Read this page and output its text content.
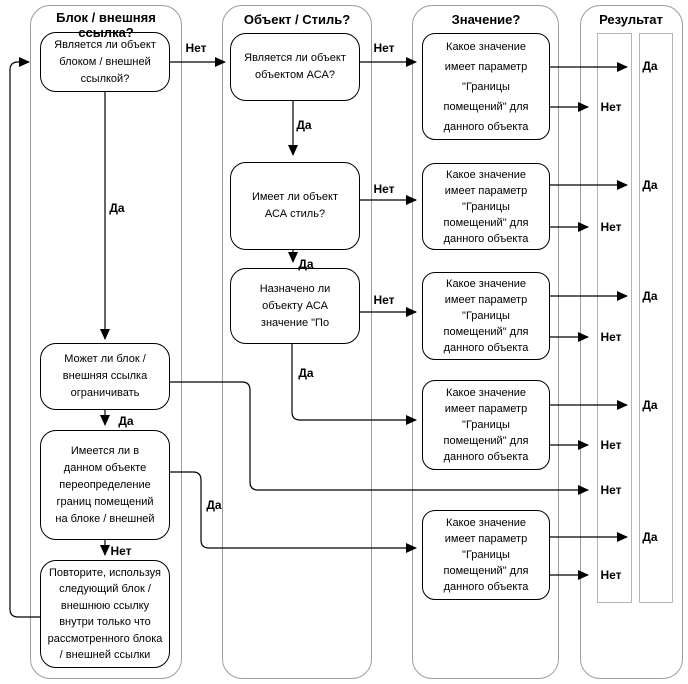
Блок / внешняя ссылка?
Объект / Стиль?	Значение?	Результат
Является ли объект блоком / внешней ссылкой?
Может ли блок / внешняя ссылка ограничивать
Имеется ли в данном объекте переопределение границ помещений на блоке / внешней
Повторите, используя следующий блок / внешнюю ссылку внутри только что рассмотренного блока / внешней ссылки
Является ли объект объектом АСА?
Имеет ли объект АСА стиль?
Назначено ли объекту АСА значение "По
Какое значение имеет параметр "Границы помещений" для данного объекта
Какое значение имеет параметр "Границы помещений" для данного объекта
Какое значение имеет параметр "Границы помещений" для данного объекта
Какое значение имеет параметр "Границы помещений" для данного объекта
Какое значение имеет параметр "Границы помещений" для данного объекта
Нет
Да
Да
Да
Нет
Нет
Да
Нет
Да
Нет
Да
Да
Нет
Да
Нет
Да
Нет
Да
Нет
Нет
Да
Нет
